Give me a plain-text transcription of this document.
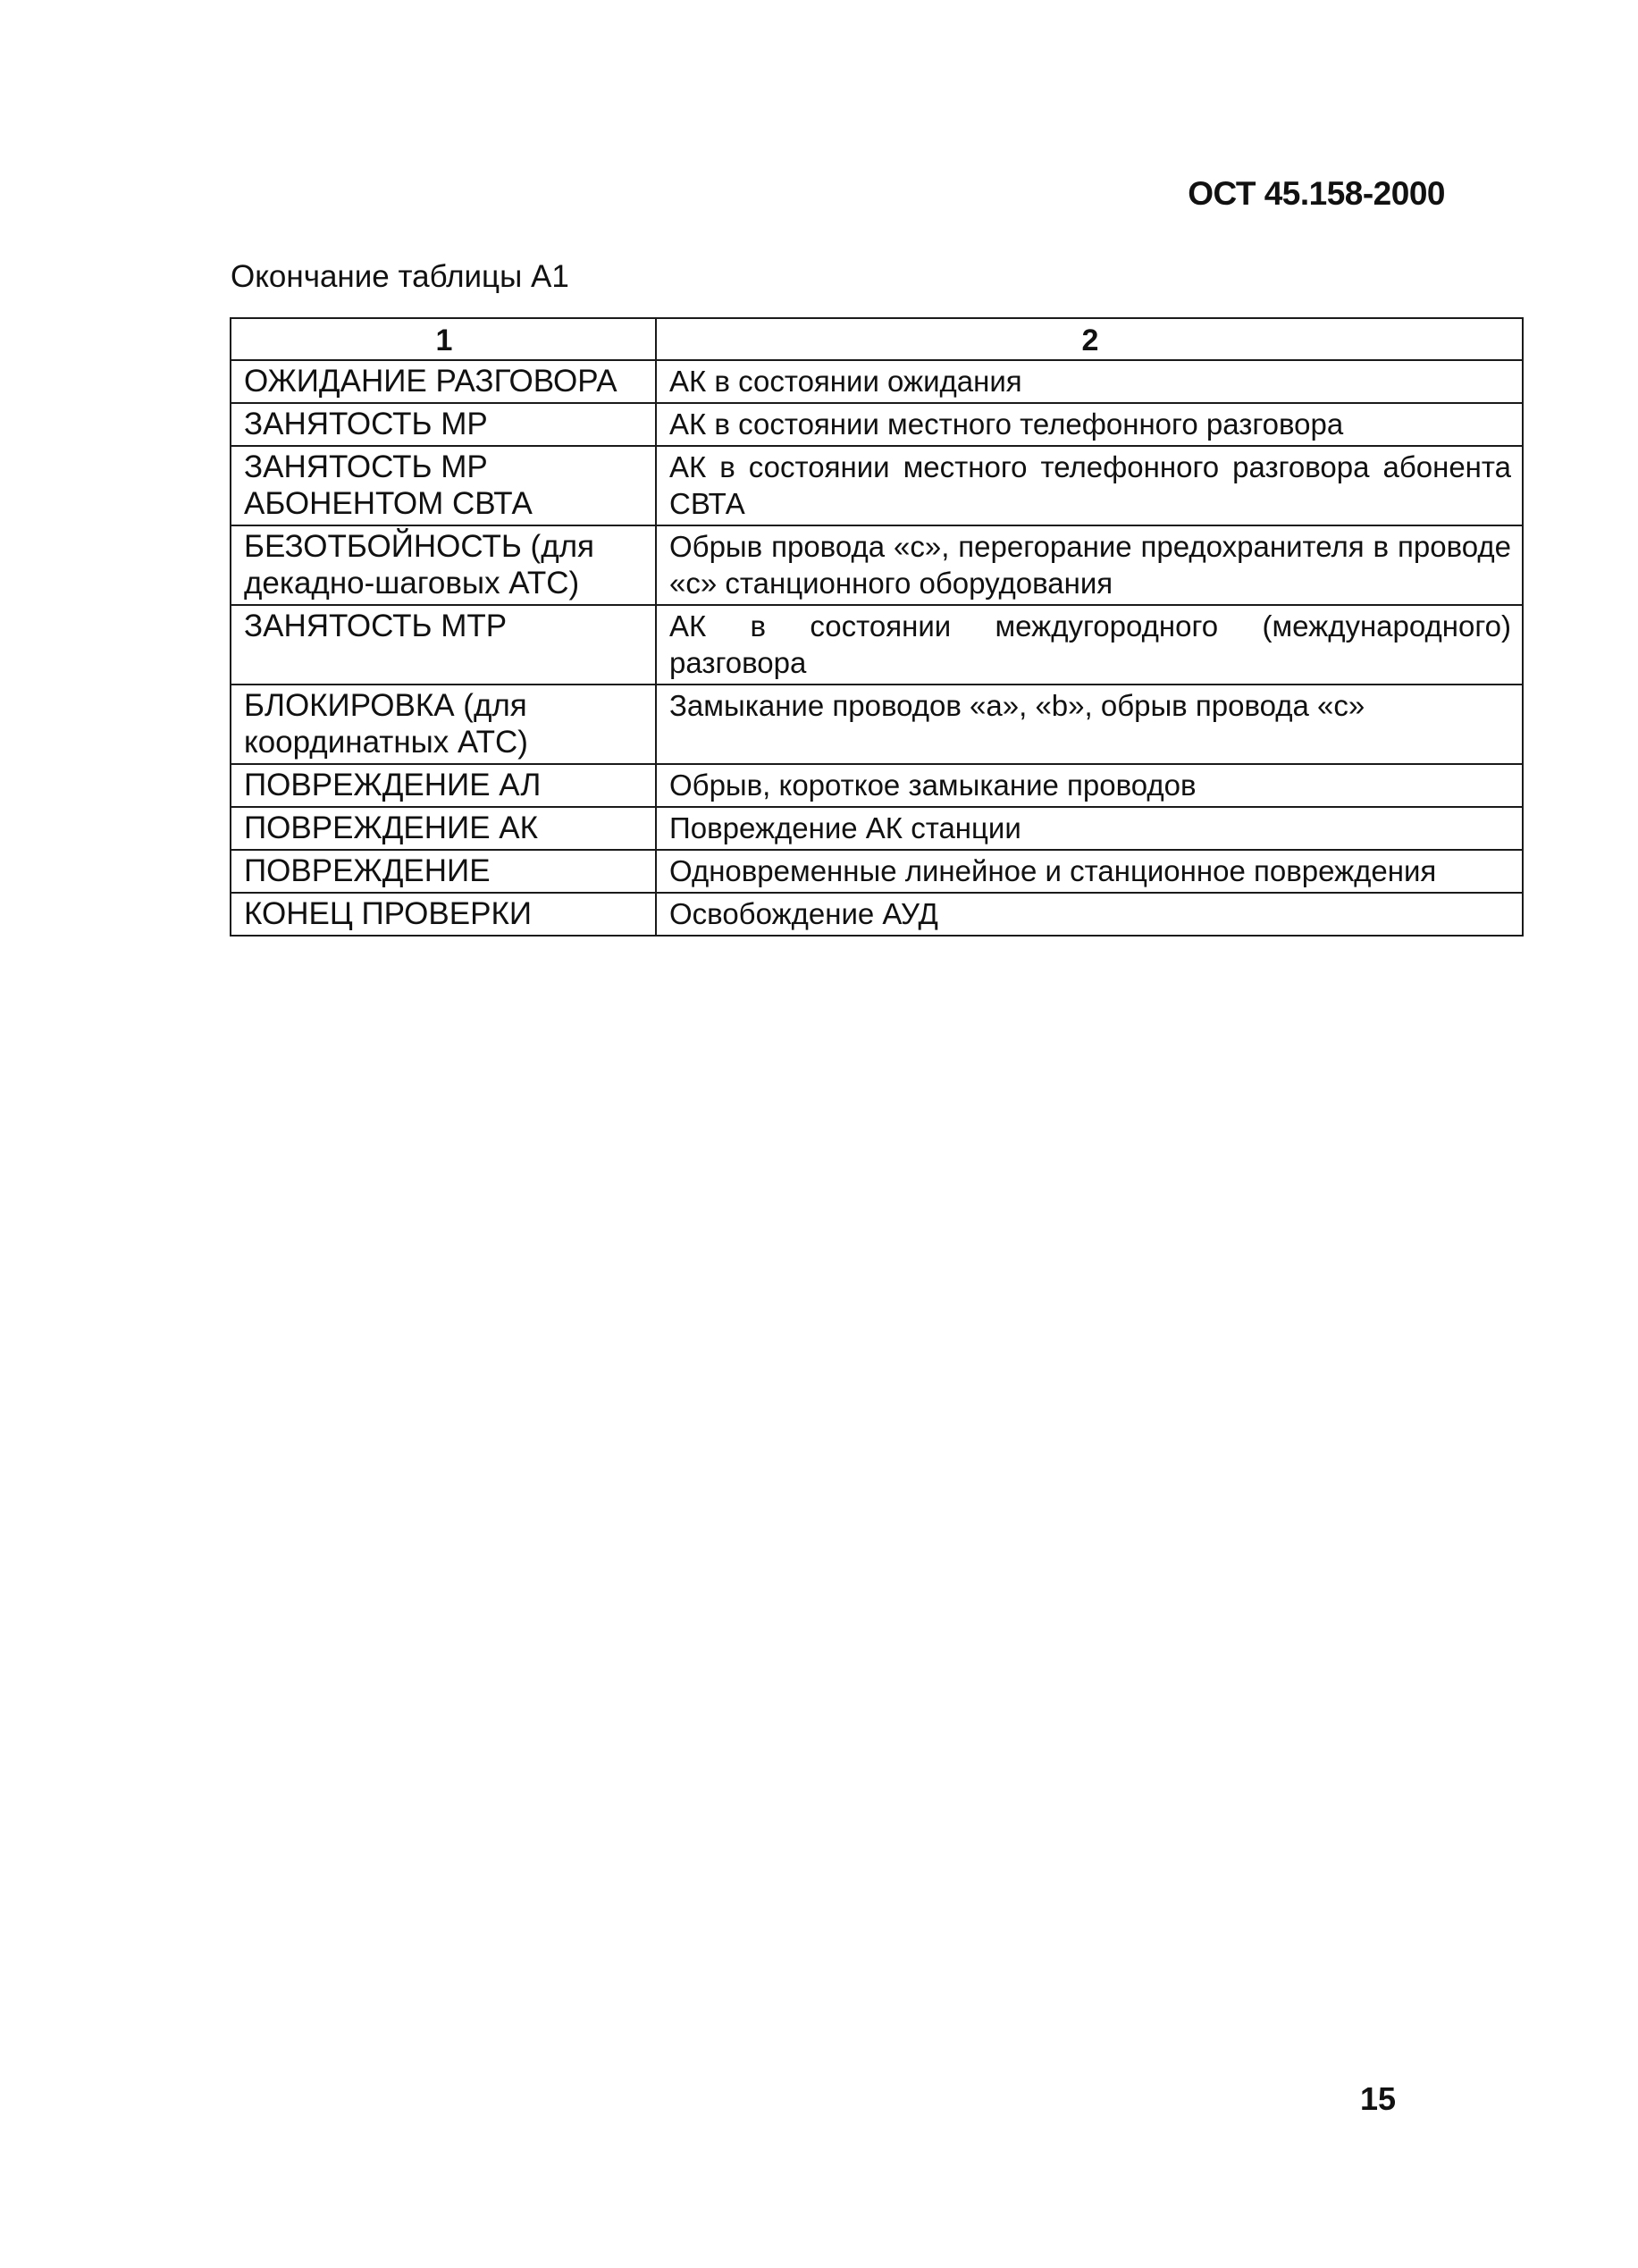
ОСТ 45.158-2000
Окончание таблицы А1
1	2
ОЖИДАНИЕ РАЗГОВОРА	АК в состоянии ожидания
ЗАНЯТОСТЬ МР	АК в состоянии местного телефонного разговора
ЗАНЯТОСТЬ МР АБОНЕНТОМ СВТА	АК в состоянии местного телефонного разговора абонента СВТА
БЕЗОТБОЙНОСТЬ (для декадно-шаговых АТС)	Обрыв провода «с», перегорание предохранителя в проводе «с» станционного оборудования
ЗАНЯТОСТЬ МТР	АК в состоянии междугородного (международного) разговора
БЛОКИРОВКА (для координатных АТС)	Замыкание проводов «а», «b», обрыв провода «с»
ПОВРЕЖДЕНИЕ АЛ	Обрыв, короткое замыкание проводов
ПОВРЕЖДЕНИЕ АК	Повреждение АК станции
ПОВРЕЖДЕНИЕ	Одновременные линейное и станционное повреждения
КОНЕЦ ПРОВЕРКИ	Освобождение АУД
15
